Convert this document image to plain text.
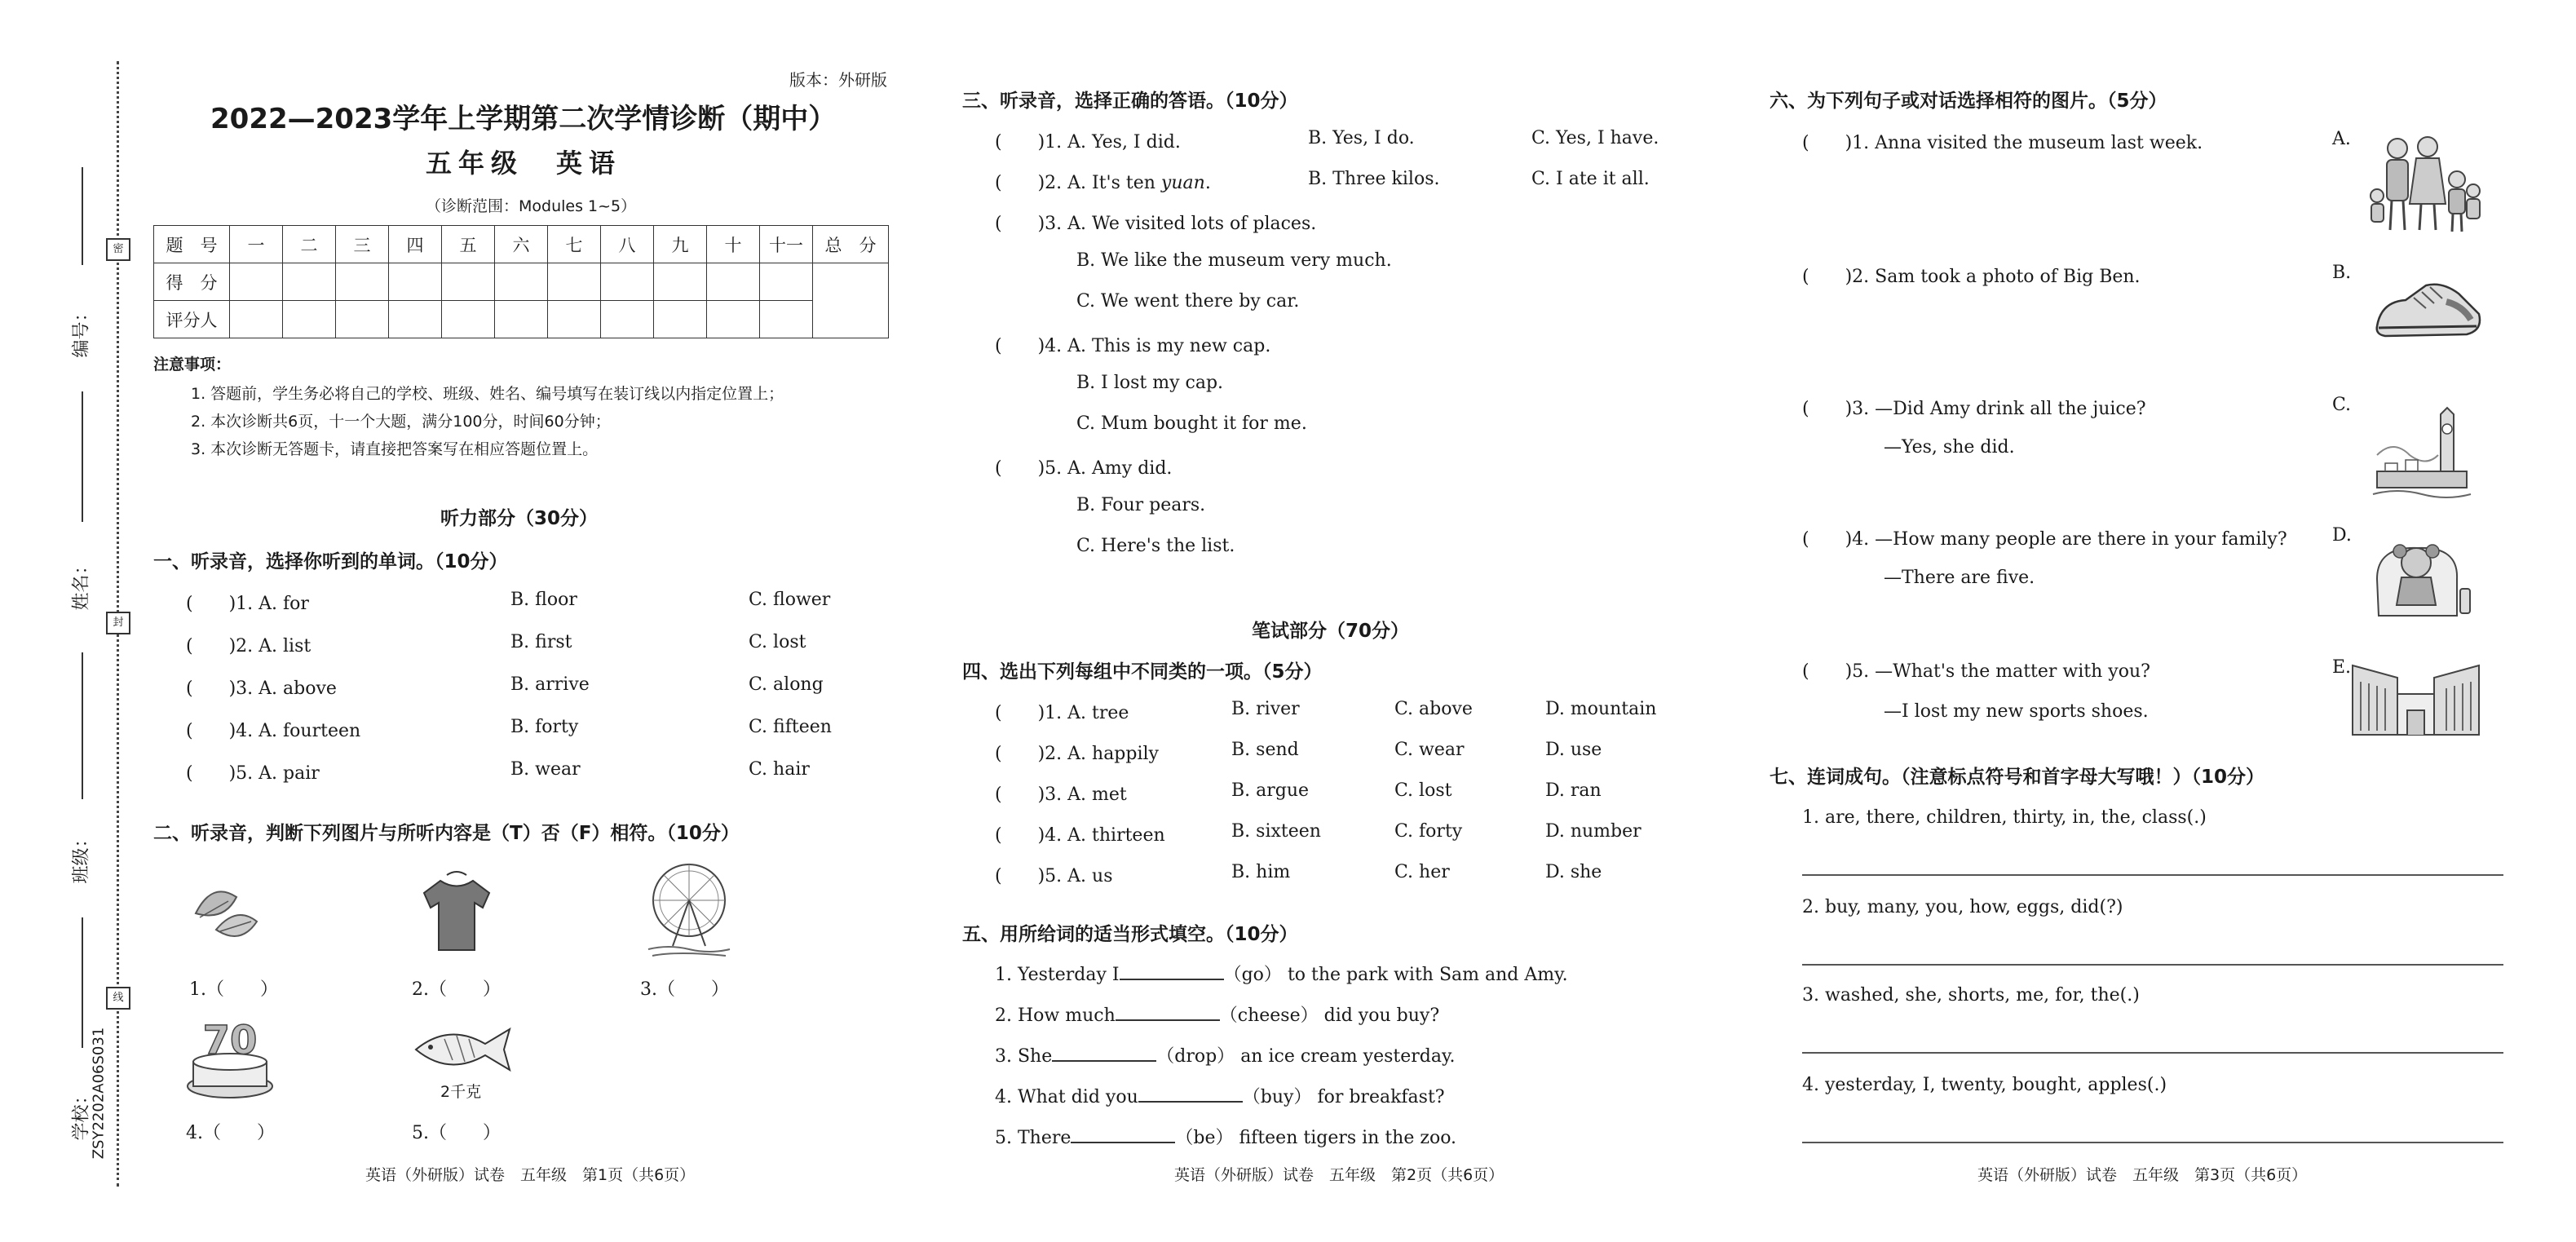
编号：
姓名：
班级：
学校：
密
封
线
ZSY2202A06S031
版本：外研版
2022—2023学年上学期第二次学情诊断（期中）
五年级　英语
（诊断范围：Modules 1~5）
题　号	一	二	三	四	五	六	七	八	九	十	十一	总　分
得　分												
评分人												
注意事项：
1. 答题前，学生务必将自己的学校、班级、姓名、编号填写在装订线以内指定位置上；
2. 本次诊断共6页，十一个大题，满分100分，时间60分钟；
3. 本次诊断无答题卡，请直接把答案写在相应答题位置上。
听力部分（30分）
一、听录音，选择你听到的单词。（10分）
(　　)1. A. for	B. floor	C. flower
(　　)2. A. list	B. first	C. lost
(　　)3. A. above	B. arrive	C. along
(　　)4. A. fourteen	B. forty	C. fifteen
(　　)5. A. pair	B. wear	C. hair
二、听录音，判断下列图片与所听内容是（T）否（F）相符。（10分）
1.（　　）	2.（　　）	3.（　　）
70
2千克
4.（　　）	5.（　　）
英语（外研版）试卷　五年级　第1页（共6页）
三、听录音，选择正确的答语。（10分）
(　　)1. A. Yes, I did.	B. Yes, I do.	C. Yes, I have.
(　　)2. A. It's ten yuan.	B. Three kilos.	C. I ate it all.
(　　)3. A. We visited lots of places.
B. We like the museum very much.
C. We went there by car.
(　　)4. A. This is my new cap.
B. I lost my cap.
C. Mum bought it for me.
(　　)5. A. Amy did.
B. Four pears.
C. Here's the list.
笔试部分（70分）
四、选出下列每组中不同类的一项。（5分）
(　　)1. A. tree	B. river	C. above	D. mountain
(　　)2. A. happily	B. send	C. wear	D. use
(　　)3. A. met	B. argue	C. lost	D. ran
(　　)4. A. thirteen	B. sixteen	C. forty	D. number
(　　)5. A. us	B. him	C. her	D. she
五、用所给词的适当形式填空。（10分）
1. Yesterday I	（go） to the park with Sam and Amy.
2. How much	（cheese） did you buy?
3. She	（drop） an ice cream yesterday.
4. What did you	（buy） for breakfast?
5. There	（be） fifteen tigers in the zoo.
英语（外研版）试卷　五年级　第2页（共6页）
六、为下列句子或对话选择相符的图片。（5分）
(　　)1. Anna visited the museum last week.
(　　)2. Sam took a photo of Big Ben.
(　　)3. —Did Amy drink all the juice?
—Yes, she did.
(　　)4. —How many people are there in your family?
—There are five.
(　　)5. —What's the matter with you?
—I lost my new sports shoes.
A.
B.
C.
D.
E.
七、连词成句。（注意标点符号和首字母大写哦！）（10分）
1. are, there, children, thirty, in, the, class(.)
2. buy, many, you, how, eggs, did(?)
3. washed, she, shorts, me, for, the(.)
4. yesterday, I, twenty, bought, apples(.)
英语（外研版）试卷　五年级　第3页（共6页）
